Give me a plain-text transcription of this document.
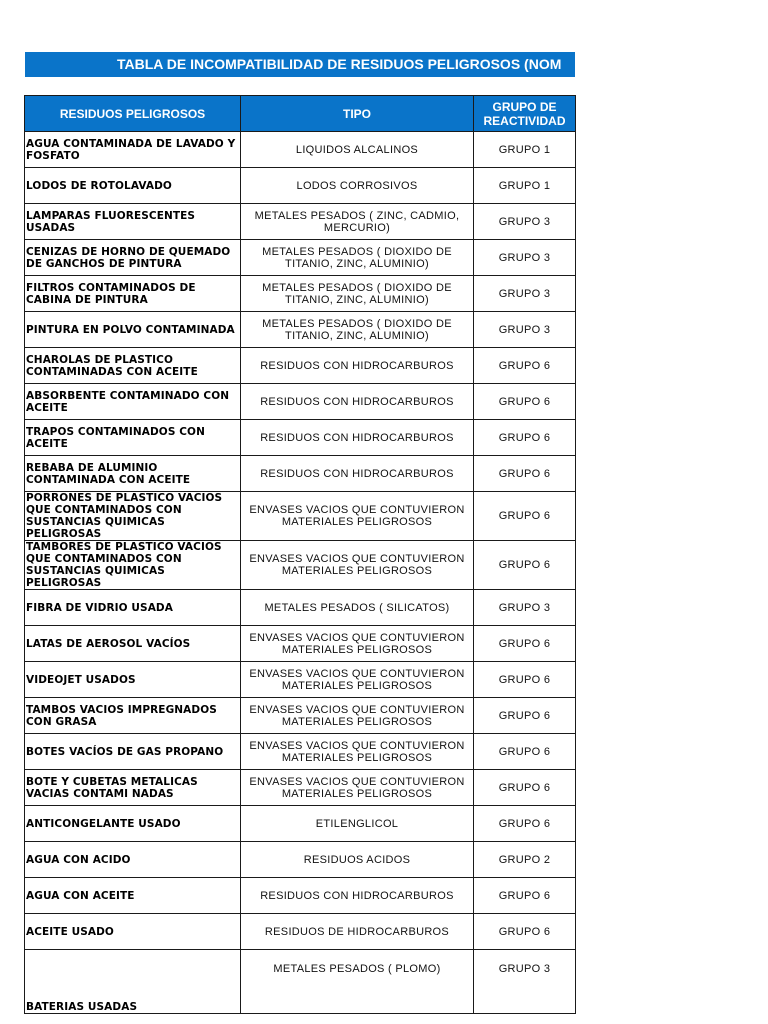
TABLA DE INCOMPATIBILIDAD DE RESIDUOS PELIGROSOS (NOM
RESIDUOS PELIGROSOS	TIPO	GRUPO DE REACTIVIDAD
AGUA CONTAMINADA DE LAVADO Y FOSFATO	LIQUIDOS ALCALINOS	GRUPO 1
LODOS DE ROTOLAVADO	LODOS CORROSIVOS	GRUPO 1
LAMPARAS FLUORESCENTES USADAS	METALES PESADOS ( ZINC, CADMIO, MERCURIO)	GRUPO 3
CENIZAS DE HORNO DE QUEMADO DE GANCHOS DE PINTURA	METALES PESADOS ( DIOXIDO DE TITANIO, ZINC, ALUMINIO)	GRUPO 3
FILTROS CONTAMINADOS DE CABINA DE PINTURA	METALES PESADOS ( DIOXIDO DE TITANIO, ZINC, ALUMINIO)	GRUPO 3
PINTURA EN POLVO CONTAMINADA	METALES PESADOS ( DIOXIDO DE TITANIO, ZINC, ALUMINIO)	GRUPO 3
CHAROLAS DE PLASTICO CONTAMINADAS CON ACEITE	RESIDUOS CON HIDROCARBUROS	GRUPO 6
ABSORBENTE CONTAMINADO CON ACEITE	RESIDUOS CON HIDROCARBUROS	GRUPO 6
TRAPOS CONTAMINADOS CON ACEITE	RESIDUOS CON HIDROCARBUROS	GRUPO 6
REBABA DE ALUMINIO CONTAMINADA CON ACEITE	RESIDUOS CON HIDROCARBUROS	GRUPO 6
PORRONES DE PLASTICO VACIOS QUE CONTAMINADOS CON SUSTANCIAS QUIMICAS PELIGROSAS	ENVASES VACIOS QUE CONTUVIERON MATERIALES PELIGROSOS	GRUPO 6
TAMBORES DE PLASTICO VACIOS QUE CONTAMINADOS CON SUSTANCIAS QUIMICAS PELIGROSAS	ENVASES VACIOS QUE CONTUVIERON MATERIALES PELIGROSOS	GRUPO 6
FIBRA DE VIDRIO USADA	METALES PESADOS ( SILICATOS)	GRUPO 3
LATAS DE AEROSOL VACÍOS	ENVASES VACIOS QUE CONTUVIERON MATERIALES PELIGROSOS	GRUPO 6
VIDEOJET USADOS	ENVASES VACIOS QUE CONTUVIERON MATERIALES PELIGROSOS	GRUPO 6
TAMBOS VACIOS IMPREGNADOS CON GRASA	ENVASES VACIOS QUE CONTUVIERON MATERIALES PELIGROSOS	GRUPO 6
BOTES VACÍOS DE GAS PROPANO	ENVASES VACIOS QUE CONTUVIERON MATERIALES PELIGROSOS	GRUPO 6
BOTE Y CUBETAS METALICAS VACIAS CONTAMI NADAS	ENVASES VACIOS QUE CONTUVIERON MATERIALES PELIGROSOS	GRUPO 6
ANTICONGELANTE USADO	ETILENGLICOL	GRUPO 6
AGUA CON ACIDO	RESIDUOS ACIDOS	GRUPO 2
AGUA CON ACEITE	RESIDUOS CON HIDROCARBUROS	GRUPO 6
ACEITE USADO	RESIDUOS DE HIDROCARBUROS	GRUPO 6
BATERIAS USADAS	METALES PESADOS ( PLOMO)	GRUPO 3
